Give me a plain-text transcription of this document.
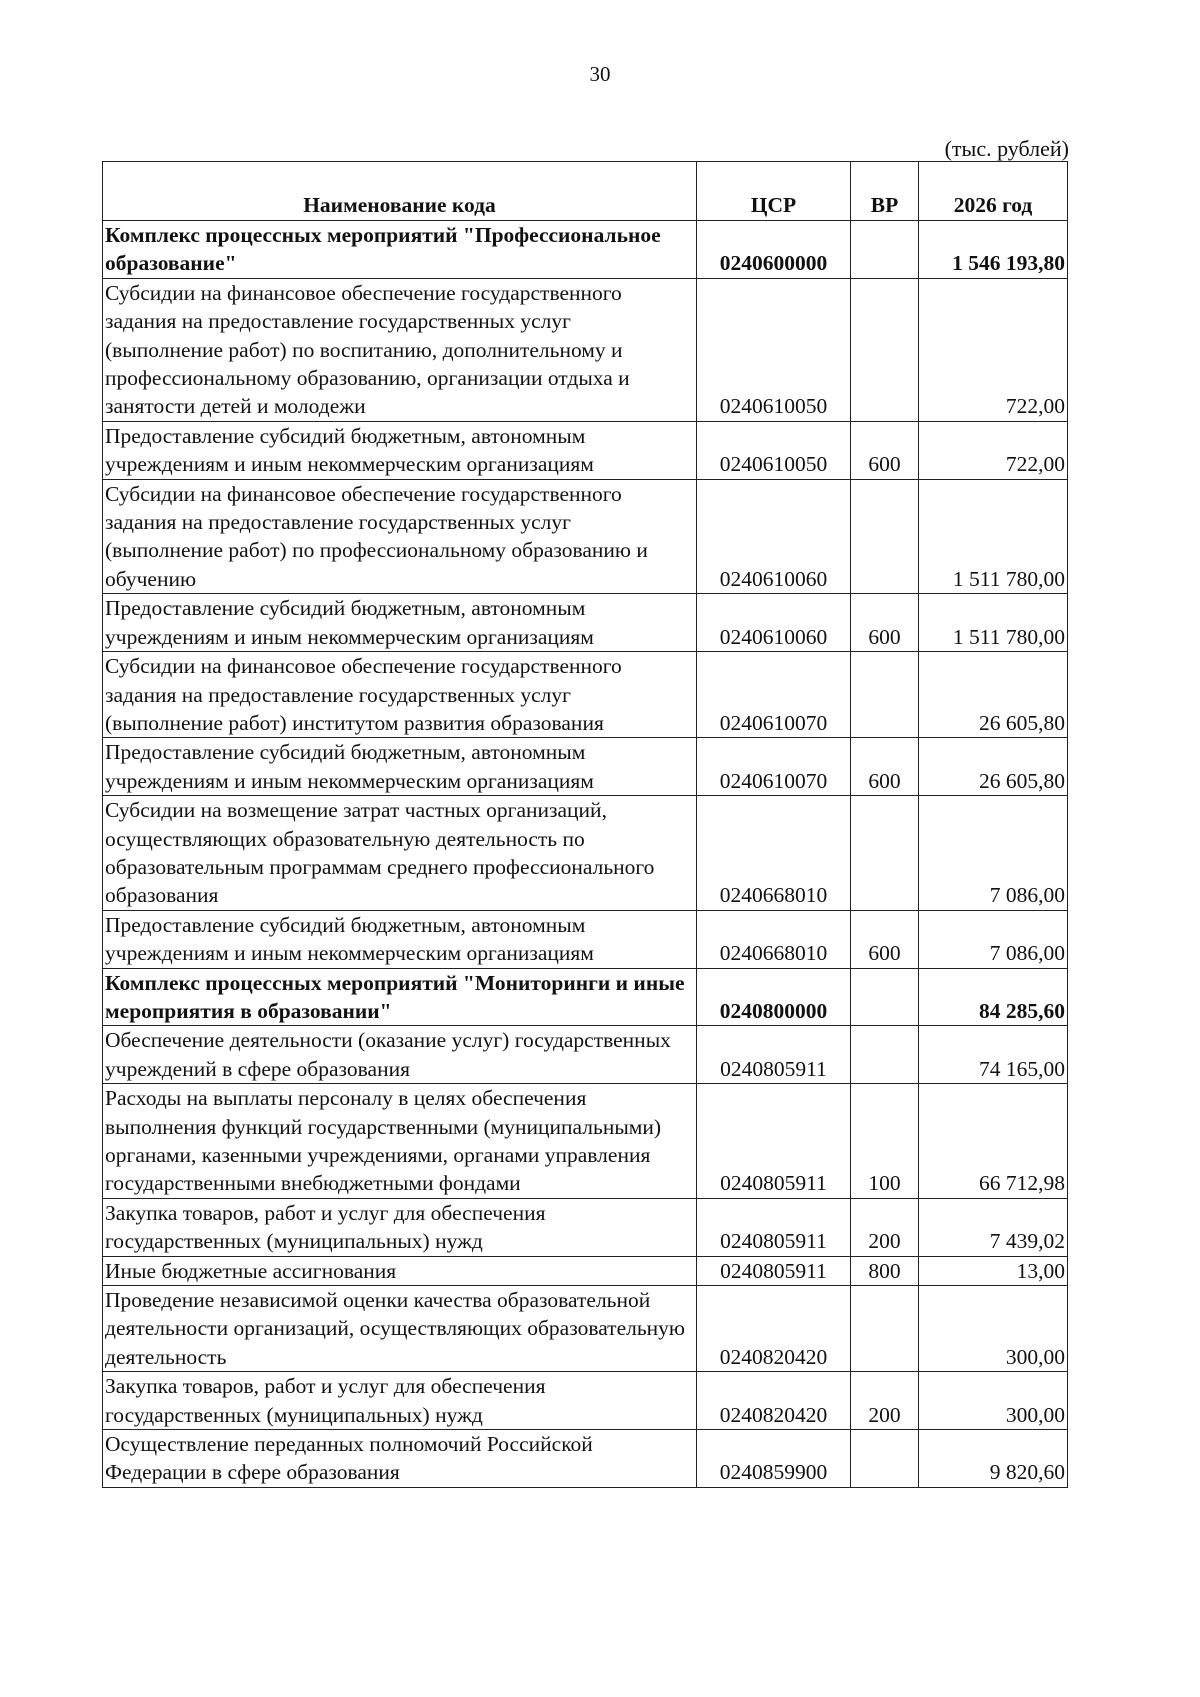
30
(тыс. рублей)
Наименование кода	ЦСР	ВР	2026 год
Комплекс процессных мероприятий "Профессиональное образование"	0240600000		1 546 193,80
Субсидии на финансовое обеспечение государственного задания на предоставление государственных услуг (выполнение работ) по воспитанию, дополнительному и профессиональному образованию, организации отдыха и занятости детей и молодежи	0240610050		722,00
Предоставление субсидий бюджетным, автономным учреждениям и иным некоммерческим организациям	0240610050	600	722,00
Субсидии на финансовое обеспечение государственного задания на предоставление государственных услуг (выполнение работ) по профессиональному образованию и обучению	0240610060		1 511 780,00
Предоставление субсидий бюджетным, автономным учреждениям и иным некоммерческим организациям	0240610060	600	1 511 780,00
Субсидии на финансовое обеспечение государственного задания на предоставление государственных услуг (выполнение работ) институтом развития образования	0240610070		26 605,80
Предоставление субсидий бюджетным, автономным учреждениям и иным некоммерческим организациям	0240610070	600	26 605,80
Субсидии на возмещение затрат частных организаций, осуществляющих образовательную деятельность по образовательным программам среднего профессионального образования	0240668010		7 086,00
Предоставление субсидий бюджетным, автономным учреждениям и иным некоммерческим организациям	0240668010	600	7 086,00
Комплекс процессных мероприятий "Мониторинги и иные мероприятия в образовании"	0240800000		84 285,60
Обеспечение деятельности (оказание услуг) государственных учреждений в сфере образования	0240805911		74 165,00
Расходы на выплаты персоналу в целях обеспечения выполнения функций государственными (муниципальными) органами, казенными учреждениями, органами управления государственными внебюджетными фондами	0240805911	100	66 712,98
Закупка товаров, работ и услуг для обеспечения государственных (муниципальных) нужд	0240805911	200	7 439,02
Иные бюджетные ассигнования	0240805911	800	13,00
Проведение независимой оценки качества образовательной деятельности организаций, осуществляющих образовательную деятельность	0240820420		300,00
Закупка товаров, работ и услуг для обеспечения государственных (муниципальных) нужд	0240820420	200	300,00
Осуществление переданных полномочий Российской Федерации в сфере образования	0240859900		9 820,60
